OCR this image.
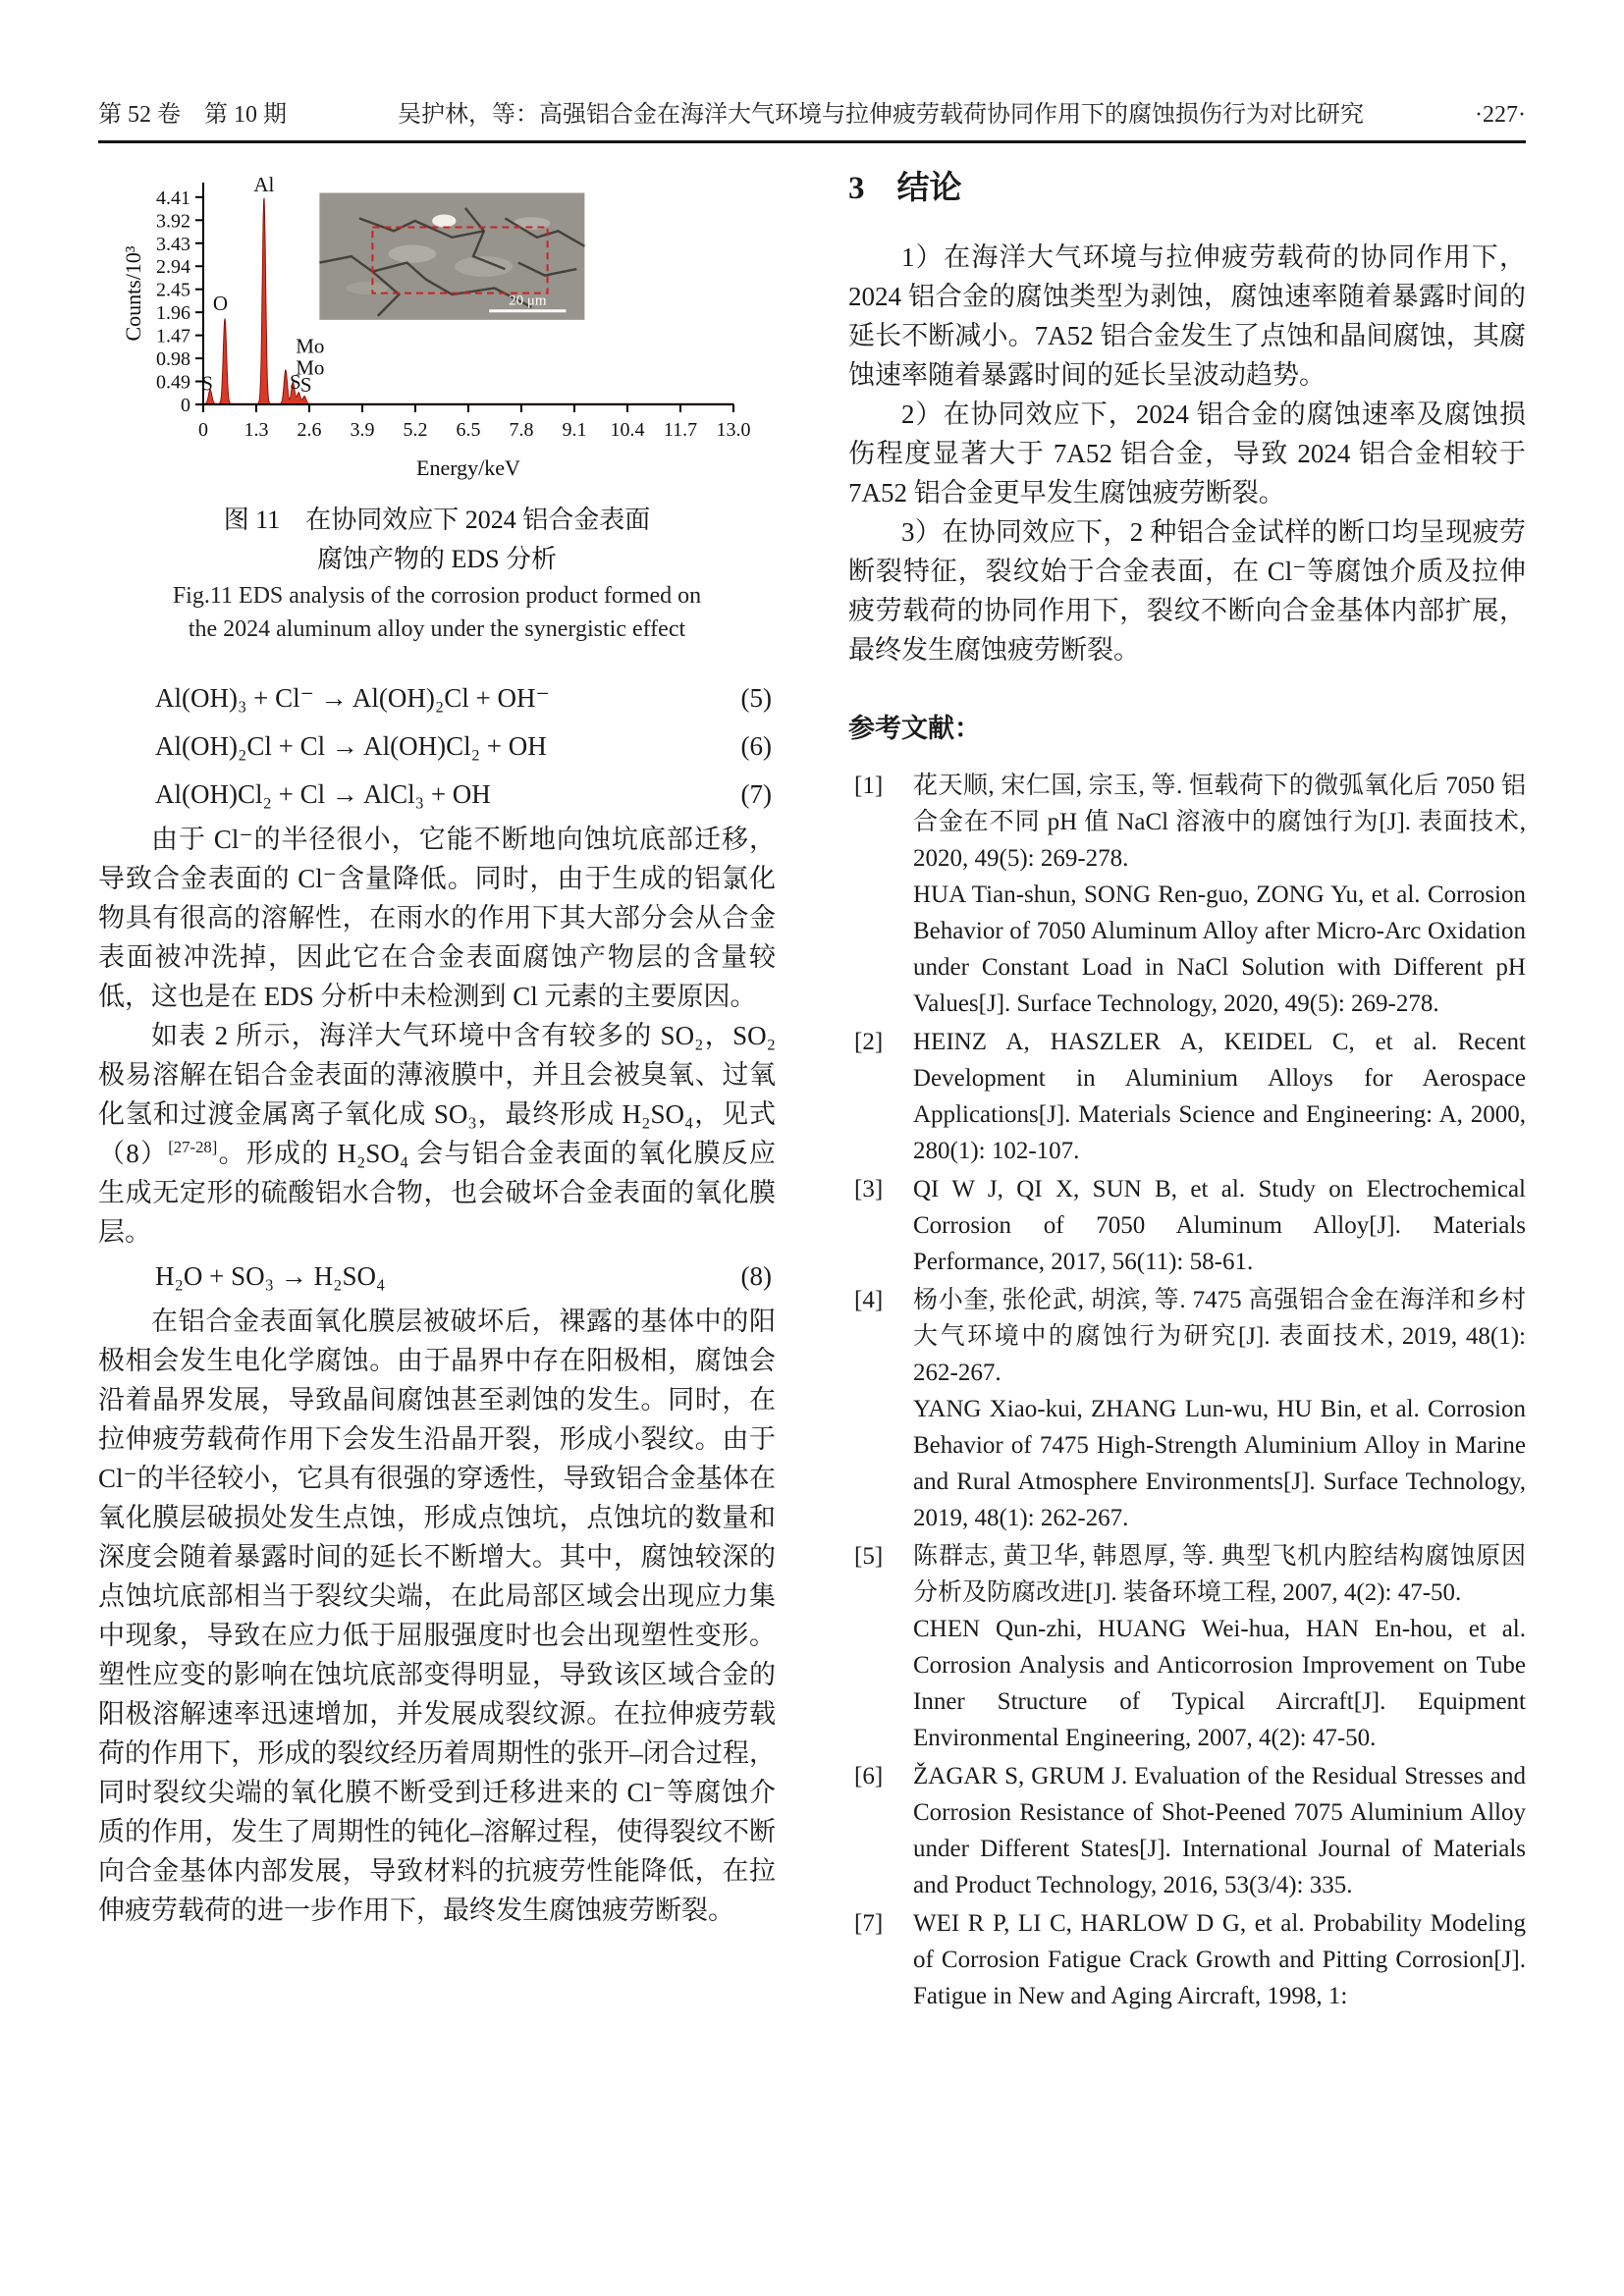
第 52 卷　第 10 期	吴护林，等：高强铝合金在海洋大气环境与拉伸疲劳载荷协同作用下的腐蚀损伤行为对比研究	·227·
0
0.49
0.98
1.47
1.96
2.45
2.94
3.43
3.92
4.41
0 1.3 2.6 3.9 5.2 6.5 7.8 9.1 10.4 11.7 13.0
Energy/keV
Counts/10³
Al
O
Mo
Mo
S	S S
20 μm
图 11　在协同效应下 2024 铝合金表面
腐蚀产物的 EDS 分析
Fig.11 EDS analysis of the corrosion product formed on
the 2024 aluminum alloy under the synergistic effect
Al(OH)₃ + Cl⁻ → Al(OH)₂Cl + OH⁻	(5)
Al(OH)₂Cl + Cl → Al(OH)Cl₂ + OH	(6)
Al(OH)Cl₂ + Cl → AlCl₃ + OH	(7)

由于 Cl⁻的半径很小，它能不断地向蚀坑底部迁移，导致合金表面的 Cl⁻含量降低。同时，由于生成的铝氯化物具有很高的溶解性，在雨水的作用下其大部分会从合金表面被冲洗掉，因此它在合金表面腐蚀产物层的含量较低，这也是在 EDS 分析中未检测到 Cl 元素的主要原因。

如表 2 所示，海洋大气环境中含有较多的 SO₂，SO₂ 极易溶解在铝合金表面的薄液膜中，并且会被臭氧、过氧化氢和过渡金属离子氧化成 SO₃，最终形成 H₂SO₄，见式（8）[27-28]。形成的 H₂SO₄ 会与铝合金表面的氧化膜反应生成无定形的硫酸铝水合物，也会破坏合金表面的氧化膜层。

H₂O + SO₃ → H₂SO₄	(8)

在铝合金表面氧化膜层被破坏后，裸露的基体中的阳极相会发生电化学腐蚀。由于晶界中存在阳极相，腐蚀会沿着晶界发展，导致晶间腐蚀甚至剥蚀的发生。同时，在拉伸疲劳载荷作用下会发生沿晶开裂，形成小裂纹。由于 Cl⁻的半径较小，它具有很强的穿透性，导致铝合金基体在氧化膜层破损处发生点蚀，形成点蚀坑，点蚀坑的数量和深度会随着暴露时间的延长不断增大。其中，腐蚀较深的点蚀坑底部相当于裂纹尖端，在此局部区域会出现应力集中现象，导致在应力低于屈服强度时也会出现塑性变形。塑性应变的影响在蚀坑底部变得明显，导致该区域合金的阳极溶解速率迅速增加，并发展成裂纹源。在拉伸疲劳载荷的作用下，形成的裂纹经历着周期性的张开–闭合过程，同时裂纹尖端的氧化膜不断受到迁移进来的 Cl⁻等腐蚀介质的作用，发生了周期性的钝化–溶解过程，使得裂纹不断向合金基体内部发展，导致材料的抗疲劳性能降低，在拉伸疲劳载荷的进一步作用下，最终发生腐蚀疲劳断裂。

3　结论

1）在海洋大气环境与拉伸疲劳载荷的协同作用下，2024 铝合金的腐蚀类型为剥蚀，腐蚀速率随着暴露时间的延长不断减小。7A52 铝合金发生了点蚀和晶间腐蚀，其腐蚀速率随着暴露时间的延长呈波动趋势。

2）在协同效应下，2024 铝合金的腐蚀速率及腐蚀损伤程度显著大于 7A52 铝合金，导致 2024 铝合金相较于 7A52 铝合金更早发生腐蚀疲劳断裂。

3）在协同效应下，2 种铝合金试样的断口均呈现疲劳断裂特征，裂纹始于合金表面，在 Cl⁻等腐蚀介质及拉伸疲劳载荷的协同作用下，裂纹不断向合金基体内部扩展，最终发生腐蚀疲劳断裂。

参考文献：
[1]	花天顺, 宋仁国, 宗玉, 等. 恒载荷下的微弧氧化后 7050 铝合金在不同 pH 值 NaCl 溶液中的腐蚀行为[J]. 表面技术, 2020, 49(5): 269-278.

HUA Tian-shun, SONG Ren-guo, ZONG Yu, et al. Corrosion Behavior of 7050 Aluminum Alloy after Micro-Arc Oxidation under Constant Load in NaCl Solution with Different pH Values[J]. Surface Technology, 2020, 49(5): 269-278.

[2]	HEINZ A, HASZLER A, KEIDEL C, et al. Recent Development in Aluminium Alloys for Aerospace Applications[J]. Materials Science and Engineering: A, 2000, 280(1): 102-107.

[3]	QI W J, QI X, SUN B, et al. Study on Electrochemical Corrosion of 7050 Aluminum Alloy[J]. Materials Performance, 2017, 56(11): 58-61.

[4]	杨小奎, 张伦武, 胡滨, 等. 7475 高强铝合金在海洋和乡村大气环境中的腐蚀行为研究[J]. 表面技术, 2019, 48(1): 262-267.

YANG Xiao-kui, ZHANG Lun-wu, HU Bin, et al. Corrosion Behavior of 7475 High-Strength Aluminium Alloy in Marine and Rural Atmosphere Environments[J]. Surface Technology, 2019, 48(1): 262-267.

[5]	陈群志, 黄卫华, 韩恩厚, 等. 典型飞机内腔结构腐蚀原因分析及防腐改进[J]. 装备环境工程, 2007, 4(2): 47-50.

CHEN Qun-zhi, HUANG Wei-hua, HAN En-hou, et al. Corrosion Analysis and Anticorrosion Improvement on Tube Inner Structure of Typical Aircraft[J]. Equipment Environmental Engineering, 2007, 4(2): 47-50.

[6]	ŽAGAR S, GRUM J. Evaluation of the Residual Stresses and Corrosion Resistance of Shot-Peened 7075 Aluminium Alloy under Different States[J]. International Journal of Materials and Product Technology, 2016, 53(3/4): 335.

[7]	WEI R P, LI C, HARLOW D G, et al. Probability Modeling of Corrosion Fatigue Crack Growth and Pitting Corrosion[J]. Fatigue in New and Aging Aircraft, 1998, 1:
